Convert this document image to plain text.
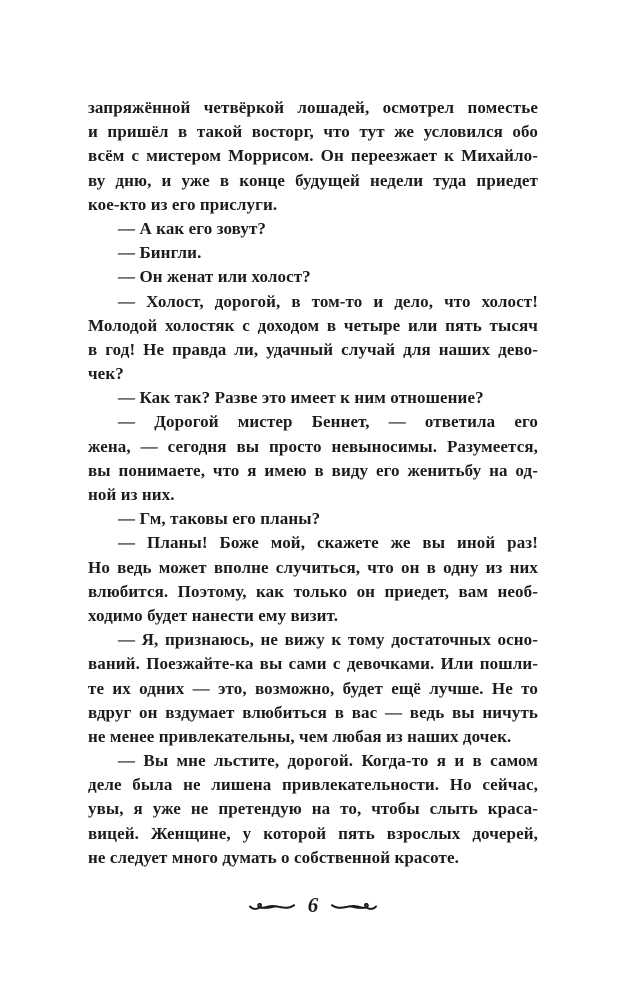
запряжённой четвёркой лошадей, осмотрел поместье
и пришёл в такой восторг, что тут же условился обо
всём с мистером Моррисом. Он переезжает к Михайло-
ву дню, и уже в конце будущей недели туда приедет
кое-кто из его прислуги.
— А как его зовут?
— Бингли.
— Он женат или холост?
— Холост, дорогой, в том-то и дело, что холост!
Молодой холостяк с доходом в четыре или пять тысяч
в год! Не правда ли, удачный случай для наших дево-
чек?
— Как так? Разве это имеет к ним отношение?
— Дорогой мистер Беннет, — ответила его
жена, — сегодня вы просто невыносимы. Разумеется,
вы понимаете, что я имею в виду его женитьбу на од-
ной из них.
— Гм, таковы его планы?
— Планы! Боже мой, скажете же вы иной раз!
Но ведь может вполне случиться, что он в одну из них
влюбится. Поэтому, как только он приедет, вам необ-
ходимо будет нанести ему визит.
— Я, признаюсь, не вижу к тому достаточных осно-
ваний. Поезжайте-ка вы сами с девочками. Или пошли-
те их одних — это, возможно, будет ещё лучше. Не то
вдруг он вздумает влюбиться в вас — ведь вы ничуть
не менее привлекательны, чем любая из наших дочек.
— Вы мне льстите, дорогой. Когда-то я и в самом
деле была не лишена привлекательности. Но сейчас,
увы, я уже не претендую на то, чтобы слыть краса-
вицей. Женщине, у которой пять взрослых дочерей,
не следует много думать о собственной красоте.
6
